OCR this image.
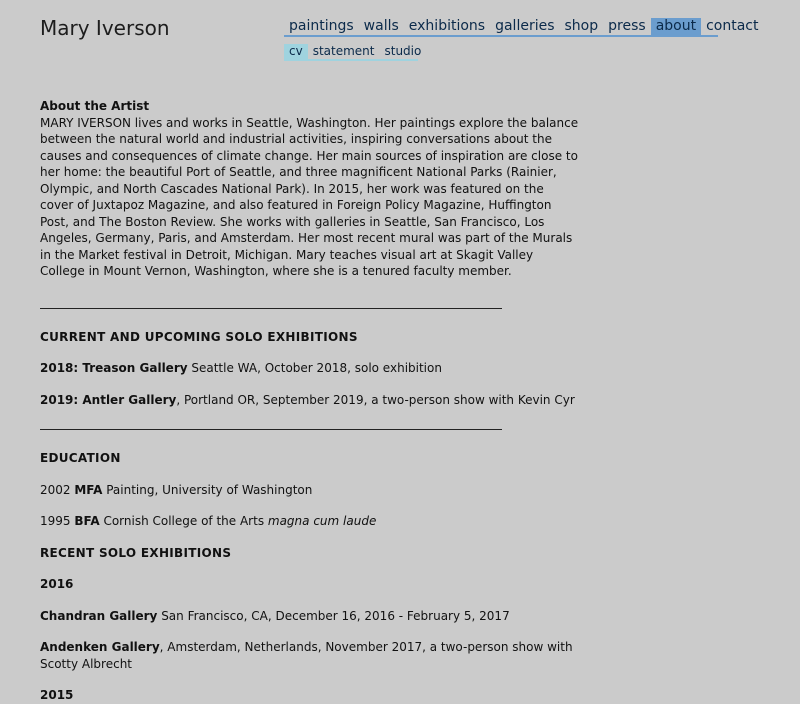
Mary Iverson	paintings walls exhibitions galleries shop press about contact
cv statement studio

About the Artist

MARY IVERSON lives and works in Seattle, Washington. Her paintings explore the balance between the natural world and industrial activities, inspiring conversations about the causes and consequences of climate change. Her main sources of inspiration are close to her home: the beautiful Port of Seattle, and three magnificent National Parks (Rainier, Olympic, and North Cascades National Park). In 2015, her work was featured on the cover of Juxtapoz Magazine, and also featured in Foreign Policy Magazine, Huffington Post, and The Boston Review. She works with galleries in Seattle, San Francisco, Los Angeles, Germany, Paris, and Amsterdam. Her most recent mural was part of the Murals in the Market festival in Detroit, Michigan. Mary teaches visual art at Skagit Valley College in Mount Vernon, Washington, where she is a tenured faculty member.

CURRENT AND UPCOMING SOLO EXHIBITIONS

2018: Treason Gallery Seattle WA, October 2018, solo exhibition

2019: Antler Gallery, Portland OR, September 2019, a two-person show with Kevin Cyr

EDUCATION

2002 MFA Painting, University of Washington

1995 BFA Cornish College of the Arts magna cum laude

RECENT SOLO EXHIBITIONS

2016

Chandran Gallery San Francisco, CA, December 16, 2016 - February 5, 2017

Andenken Gallery, Amsterdam, Netherlands, November 2017, a two-person show with Scotty Albrecht

2015
